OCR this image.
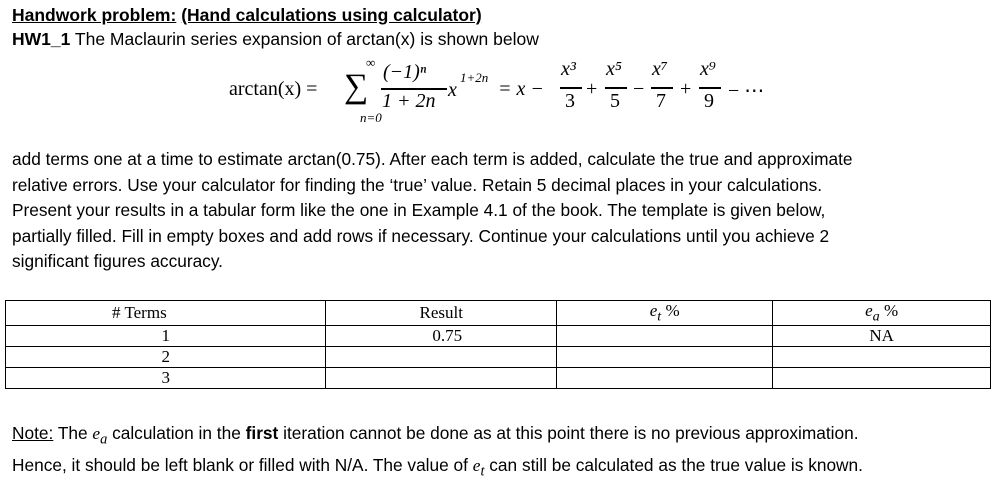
Handwork problem: (Hand calculations using calculator)
HW1_1 The Maclaurin series expansion of arctan(x) is shown below
arctan(x) =
∞
∑
n=0
(−1)ⁿ
1 + 2n x
1+2n
= x −
x³
3
+
x⁵
5
−
x⁷
7
+
x⁹
9 − ⋯
add terms one at a time to estimate arctan(0.75). After each term is added, calculate the true and approximate
relative errors. Use your calculator for finding the ‘true’ value. Retain 5 decimal places in your calculations.
Present your results in a tabular form like the one in Example 4.1 of the book. The template is given below,
partially filled. Fill in empty boxes and add rows if necessary. Continue your calculations until you achieve 2
significant figures accuracy.
# Terms	Result	$e_t$ %	$e_a$ %
1	0.75		NA
2			
3			
Note: The $e_a$ calculation in the first iteration cannot be done as at this point there is no previous approximation.
Hence, it should be left blank or filled with N/A. The value of $e_t$ can still be calculated as the true value is known.
